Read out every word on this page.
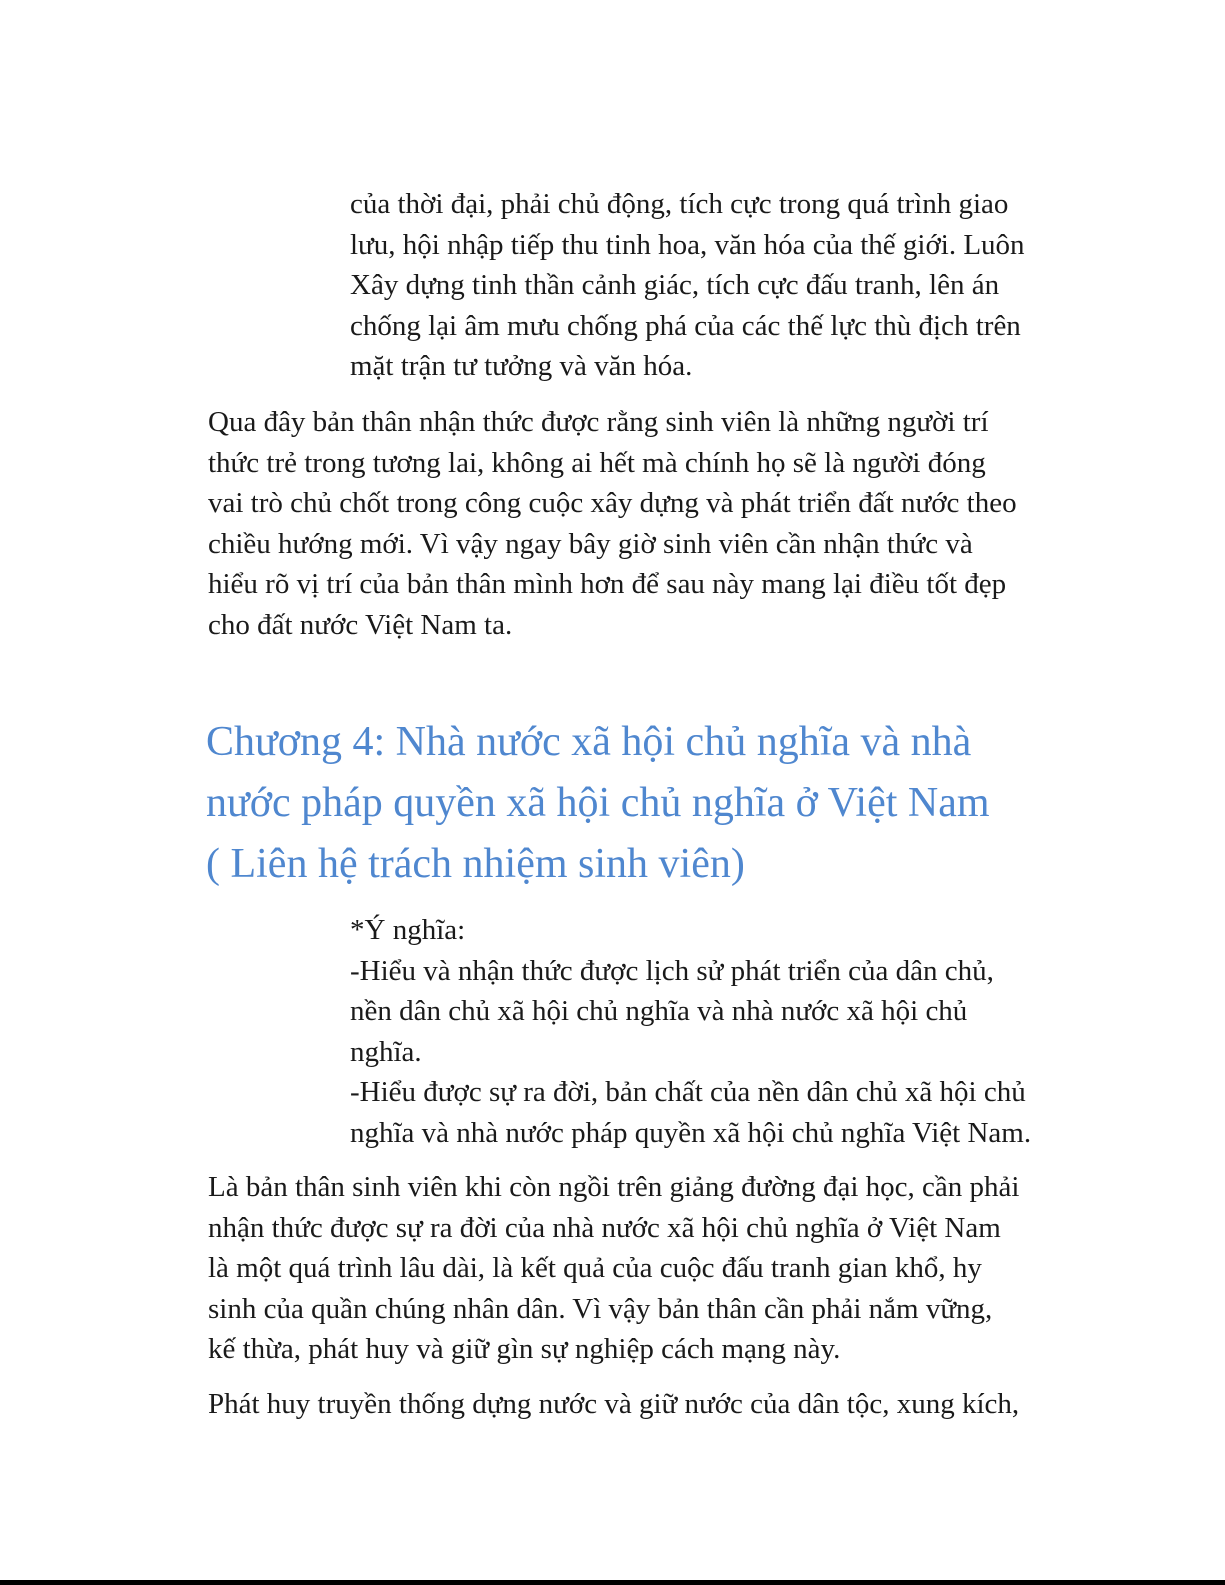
của thời đại, phải chủ động, tích cực trong quá trình giao
lưu, hội nhập tiếp thu tinh hoa, văn hóa của thế giới. Luôn
Xây dựng tinh thần cảnh giác, tích cực đấu tranh, lên án
chống lại âm mưu chống phá của các thế lực thù địch trên
mặt trận tư tưởng và văn hóa.
Qua đây bản thân nhận thức được rằng sinh viên là những người trí
thức trẻ trong tương lai, không ai hết mà chính họ sẽ là người đóng
vai trò chủ chốt trong công cuộc xây dựng và phát triển đất nước theo
chiều hướng mới. Vì vậy ngay bây giờ sinh viên cần nhận thức và
hiểu rõ vị trí của bản thân mình hơn để sau này mang lại điều tốt đẹp
cho đất nước Việt Nam ta.
Chương 4: Nhà nước xã hội chủ nghĩa và nhà
nước pháp quyền xã hội chủ nghĩa ở Việt Nam
( Liên hệ trách nhiệm sinh viên)
*Ý nghĩa:
-Hiểu và nhận thức được lịch sử phát triển của dân chủ,
nền dân chủ xã hội chủ nghĩa và nhà nước xã hội chủ
nghĩa.
-Hiểu được sự ra đời, bản chất của nền dân chủ xã hội chủ
nghĩa và nhà nước pháp quyền xã hội chủ nghĩa Việt Nam.
Là bản thân sinh viên khi còn ngồi trên giảng đường đại học, cần phải
nhận thức được sự ra đời của nhà nước xã hội chủ nghĩa ở Việt Nam
là một quá trình lâu dài, là kết quả của cuộc đấu tranh gian khổ, hy
sinh của quần chúng nhân dân. Vì vậy bản thân cần phải nắm vững,
kế thừa, phát huy và giữ gìn sự nghiệp cách mạng này.
Phát huy truyền thống dựng nước và giữ nước của dân tộc, xung kích,
